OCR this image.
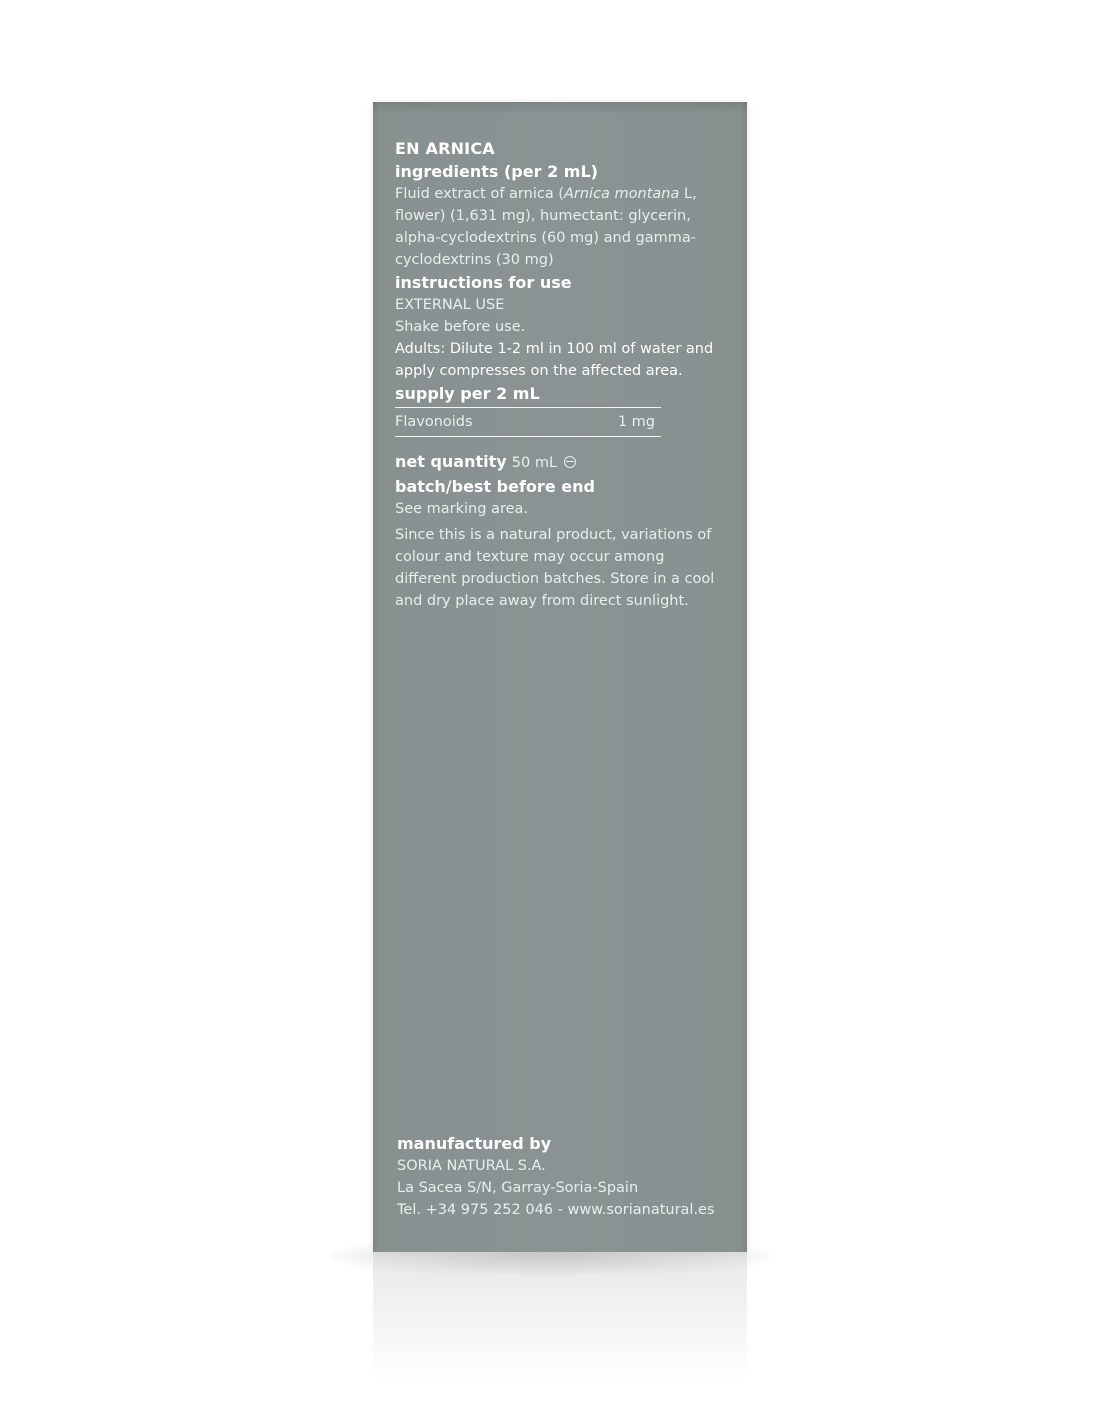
EN ARNICA

ingredients (per 2 mL)

Fluid extract of arnica (Arnica montana L, flower) (1,631 mg), humectant: glycerin, alpha-cyclodextrins (60 mg) and gamma-cyclodextrins (30 mg)

instructions for use

EXTERNAL USE

Shake before use.

Adults: Dilute 1-2 ml in 100 ml of water and apply compresses on the affected area.

supply per 2 mL

Flavonoids	1 mg
net quantity 50 mL

batch/best before end

See marking area.

Since this is a natural product, variations of colour and texture may occur among different production batches. Store in a cool and dry place away from direct sunlight.

manufactured by

SORIA NATURAL S.A.

La Sacea S/N, Garray-Soria-Spain

Tel. +34 975 252 046 - www.sorianatural.es
